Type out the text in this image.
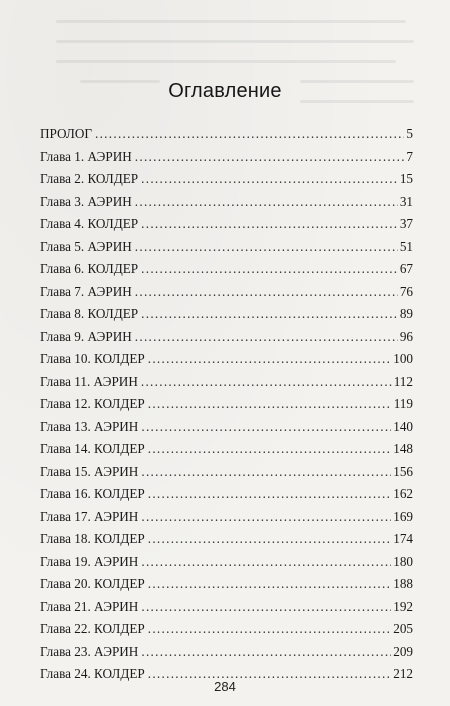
Оглавление
ПРОЛОГ . . .	5
Глава 1. АЭРИН . . .	7
Глава 2. КОЛДЕР . . .	15
Глава 3. АЭРИН . . .	31
Глава 4. КОЛДЕР . . .	37
Глава 5. АЭРИН . . .	51
Глава 6. КОЛДЕР . . .	67
Глава 7. АЭРИН . . .	76
Глава 8. КОЛДЕР . . .	89
Глава 9. АЭРИН . . .	96
Глава 10. КОЛДЕР . . .	100
Глава 11. АЭРИН . . .	112
Глава 12. КОЛДЕР . . .	119
Глава 13. АЭРИН . . .	140
Глава 14. КОЛДЕР . . .	148
Глава 15. АЭРИН . . .	156
Глава 16. КОЛДЕР . . .	162
Глава 17. АЭРИН . . .	169
Глава 18. КОЛДЕР . . .	174
Глава 19. АЭРИН . . .	180
Глава 20. КОЛДЕР . . .	188
Глава 21. АЭРИН . . .	192
Глава 22. КОЛДЕР . . .	205
Глава 23. АЭРИН . . .	209
Глава 24. КОЛДЕР . . .	212
284
